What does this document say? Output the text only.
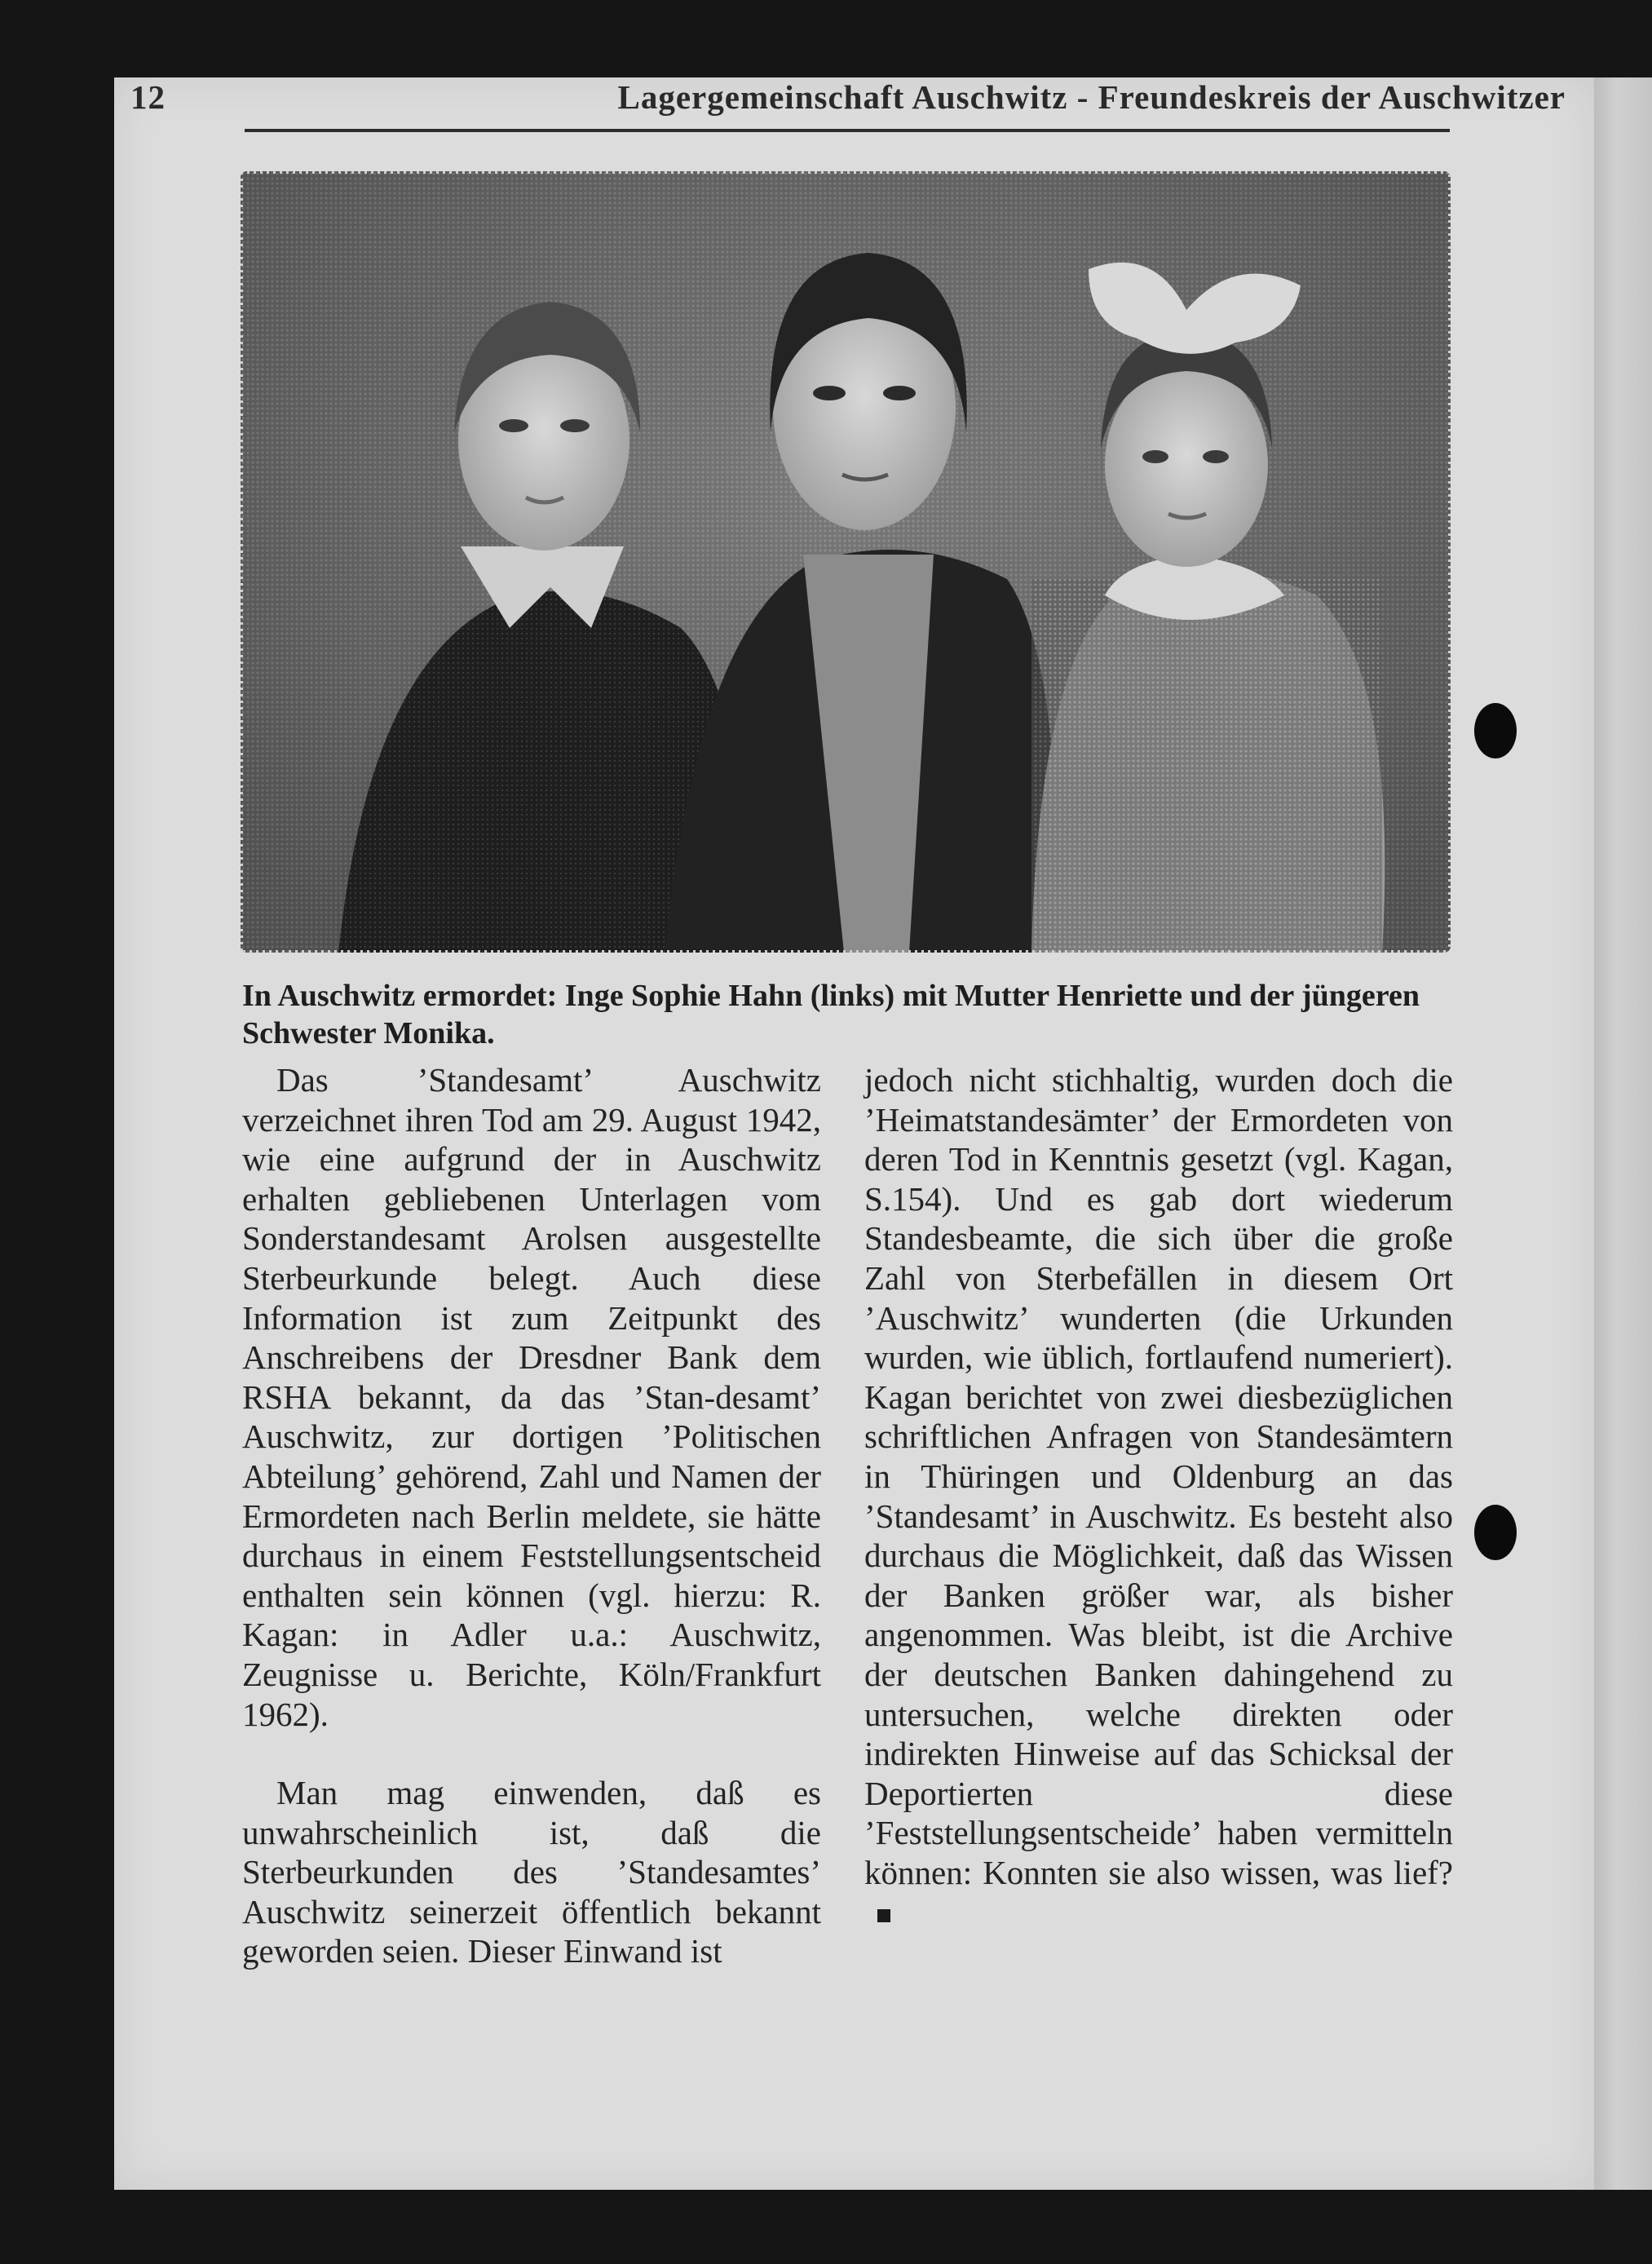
12	Lagergemeinschaft Auschwitz - Freundeskreis der Auschwitzer
In Auschwitz ermordet: Inge Sophie Hahn (links) mit Mutter Henriette und der jüngeren Schwester Monika.

Das ’Standesamt’ Auschwitz verzeichnet ihren Tod am 29. August 1942, wie eine aufgrund der in Auschwitz erhalten gebliebenen Unterlagen vom Sonderstandesamt Arolsen ausgestellte Sterbeurkunde belegt. Auch diese Information ist zum Zeitpunkt des Anschreibens der Dresdner Bank dem RSHA bekannt, da das ’Stan-desamt’ Auschwitz, zur dortigen ’Politischen Abteilung’ gehörend, Zahl und Namen der Ermordeten nach Berlin meldete, sie hätte durchaus in einem Feststellungsentscheid enthalten sein können (vgl. hierzu: R. Kagan: in Adler u.a.: Auschwitz, Zeugnisse u. Berichte, Köln/Frankfurt 1962).

Man mag einwenden, daß es unwahrscheinlich ist, daß die Sterbeurkunden des ’Standesamtes’ Auschwitz seinerzeit öffentlich bekannt geworden seien. Dieser Einwand ist

jedoch nicht stichhaltig, wurden doch die ’Heimatstandesämter’ der Ermordeten von deren Tod in Kenntnis gesetzt (vgl. Kagan, S.154). Und es gab dort wiederum Standesbeamte, die sich über die große Zahl von Sterbefällen in diesem Ort ’Auschwitz’ wunderten (die Urkunden wurden, wie üblich, fortlaufend numeriert). Kagan berichtet von zwei diesbezüglichen schriftlichen Anfragen von Standesämtern in Thüringen und Oldenburg an das ’Standesamt’ in Auschwitz. Es besteht also durchaus die Möglichkeit, daß das Wissen der Banken größer war, als bisher angenommen. Was bleibt, ist die Archive der deutschen Banken dahingehend zu untersuchen, welche direkten oder indirekten Hinweise auf das Schicksal der Deportierten diese ’Feststellungsentscheide’ haben vermitteln können: Konnten sie also wissen, was lief?
